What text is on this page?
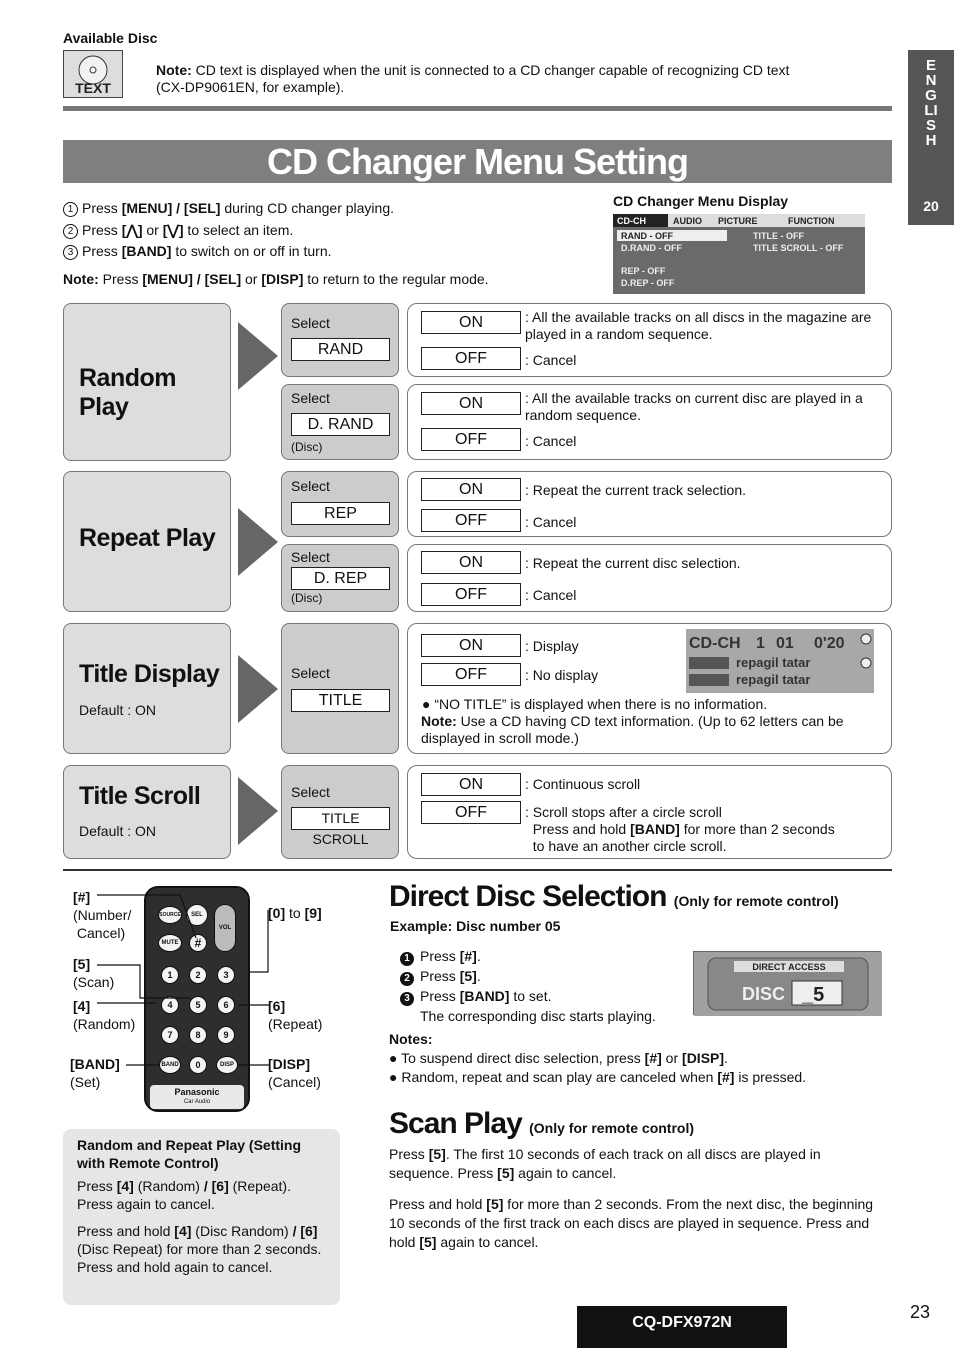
Available Disc
TEXT
Note: CD text is displayed when the unit is connected to a CD changer capable of recognizing CD text (CX-DP9061EN, for example).
ENGLISH
20
CD Changer Menu Setting
1 Press [MENU] / [SEL] during CD changer playing.
2 Press [⋀] or [⋁] to select an item.
3 Press [BAND] to switch on or off in turn.
Note: Press [MENU] / [SEL] or [DISP] to return to the regular mode.
CD Changer Menu Display
CD-CH	AUDIO PICTURE	FUNCTION
RAND - OFF
D.RAND - OFF
REP - OFF
D.REP - OFF
TITLE - OFF
TITLE SCROLL - OFF
Random Play
Select
RAND
ON	: All the available tracks on all discs in the magazine are played in a random sequence.
OFF	: Cancel
Select
D. RAND
(Disc)
ON	: All the available tracks on current disc are played in a random sequence.
OFF	: Cancel
Repeat Play
Select
REP
ON	: Repeat the current track selection.
OFF	: Cancel
Select
D. REP
(Disc)
ON	: Repeat the current disc selection.
OFF	: Cancel
Title Display
Default : ON
Select
TITLE
ON	: Display
OFF	: No display
CD-CH 1 01 0'20
repagil tatar
repagil tatar
● “NO TITLE” is displayed when there is no information.
Note: Use a CD having CD text information. (Up to 62 letters can be displayed in scroll mode.)
Title Scroll
Default : ON
Select
TITLE SCROLL
ON	: Continuous scroll
OFF	: Scroll stops after a circle scroll
Press and hold [BAND] for more than 2 seconds
to have an another circle scroll.
SOURCE	SEL
VOL
MUTE	#
1	2	3
4	5	6
7	8	9
BAND	0	DISP
Panasonic
Car Audio
[#]
(Number/
Cancel)
[5]
(Scan)
[4]
(Random)
[BAND]
(Set)
[0] to [9]
[6]
(Repeat)
[DISP]
(Cancel)
Random and Repeat Play (Setting with Remote Control)
Press [4] (Random) / [6] (Repeat). Press again to cancel.
Press and hold [4] (Disc Random) / [6] (Disc Repeat) for more than 2 seconds.
Press and hold again to cancel.
Direct Disc Selection (Only for remote control)
Example: Disc number 05
1 Press [#].
2 Press [5].
3 Press [BAND] to set.
The corresponding disc starts playing.
DIRECT ACCESS
DISC _5
Notes:
● To suspend direct disc selection, press [#] or [DISP].
● Random, repeat and scan play are canceled when [#] is pressed.
Scan Play (Only for remote control)
Press [5]. The first 10 seconds of each track on all discs are played in sequence. Press [5] again to cancel.
Press and hold [5] for more than 2 seconds. From the next disc, the beginning 10 seconds of the first track on each discs are played in sequence. Press and hold [5] again to cancel.
CQ-DFX972N
23
